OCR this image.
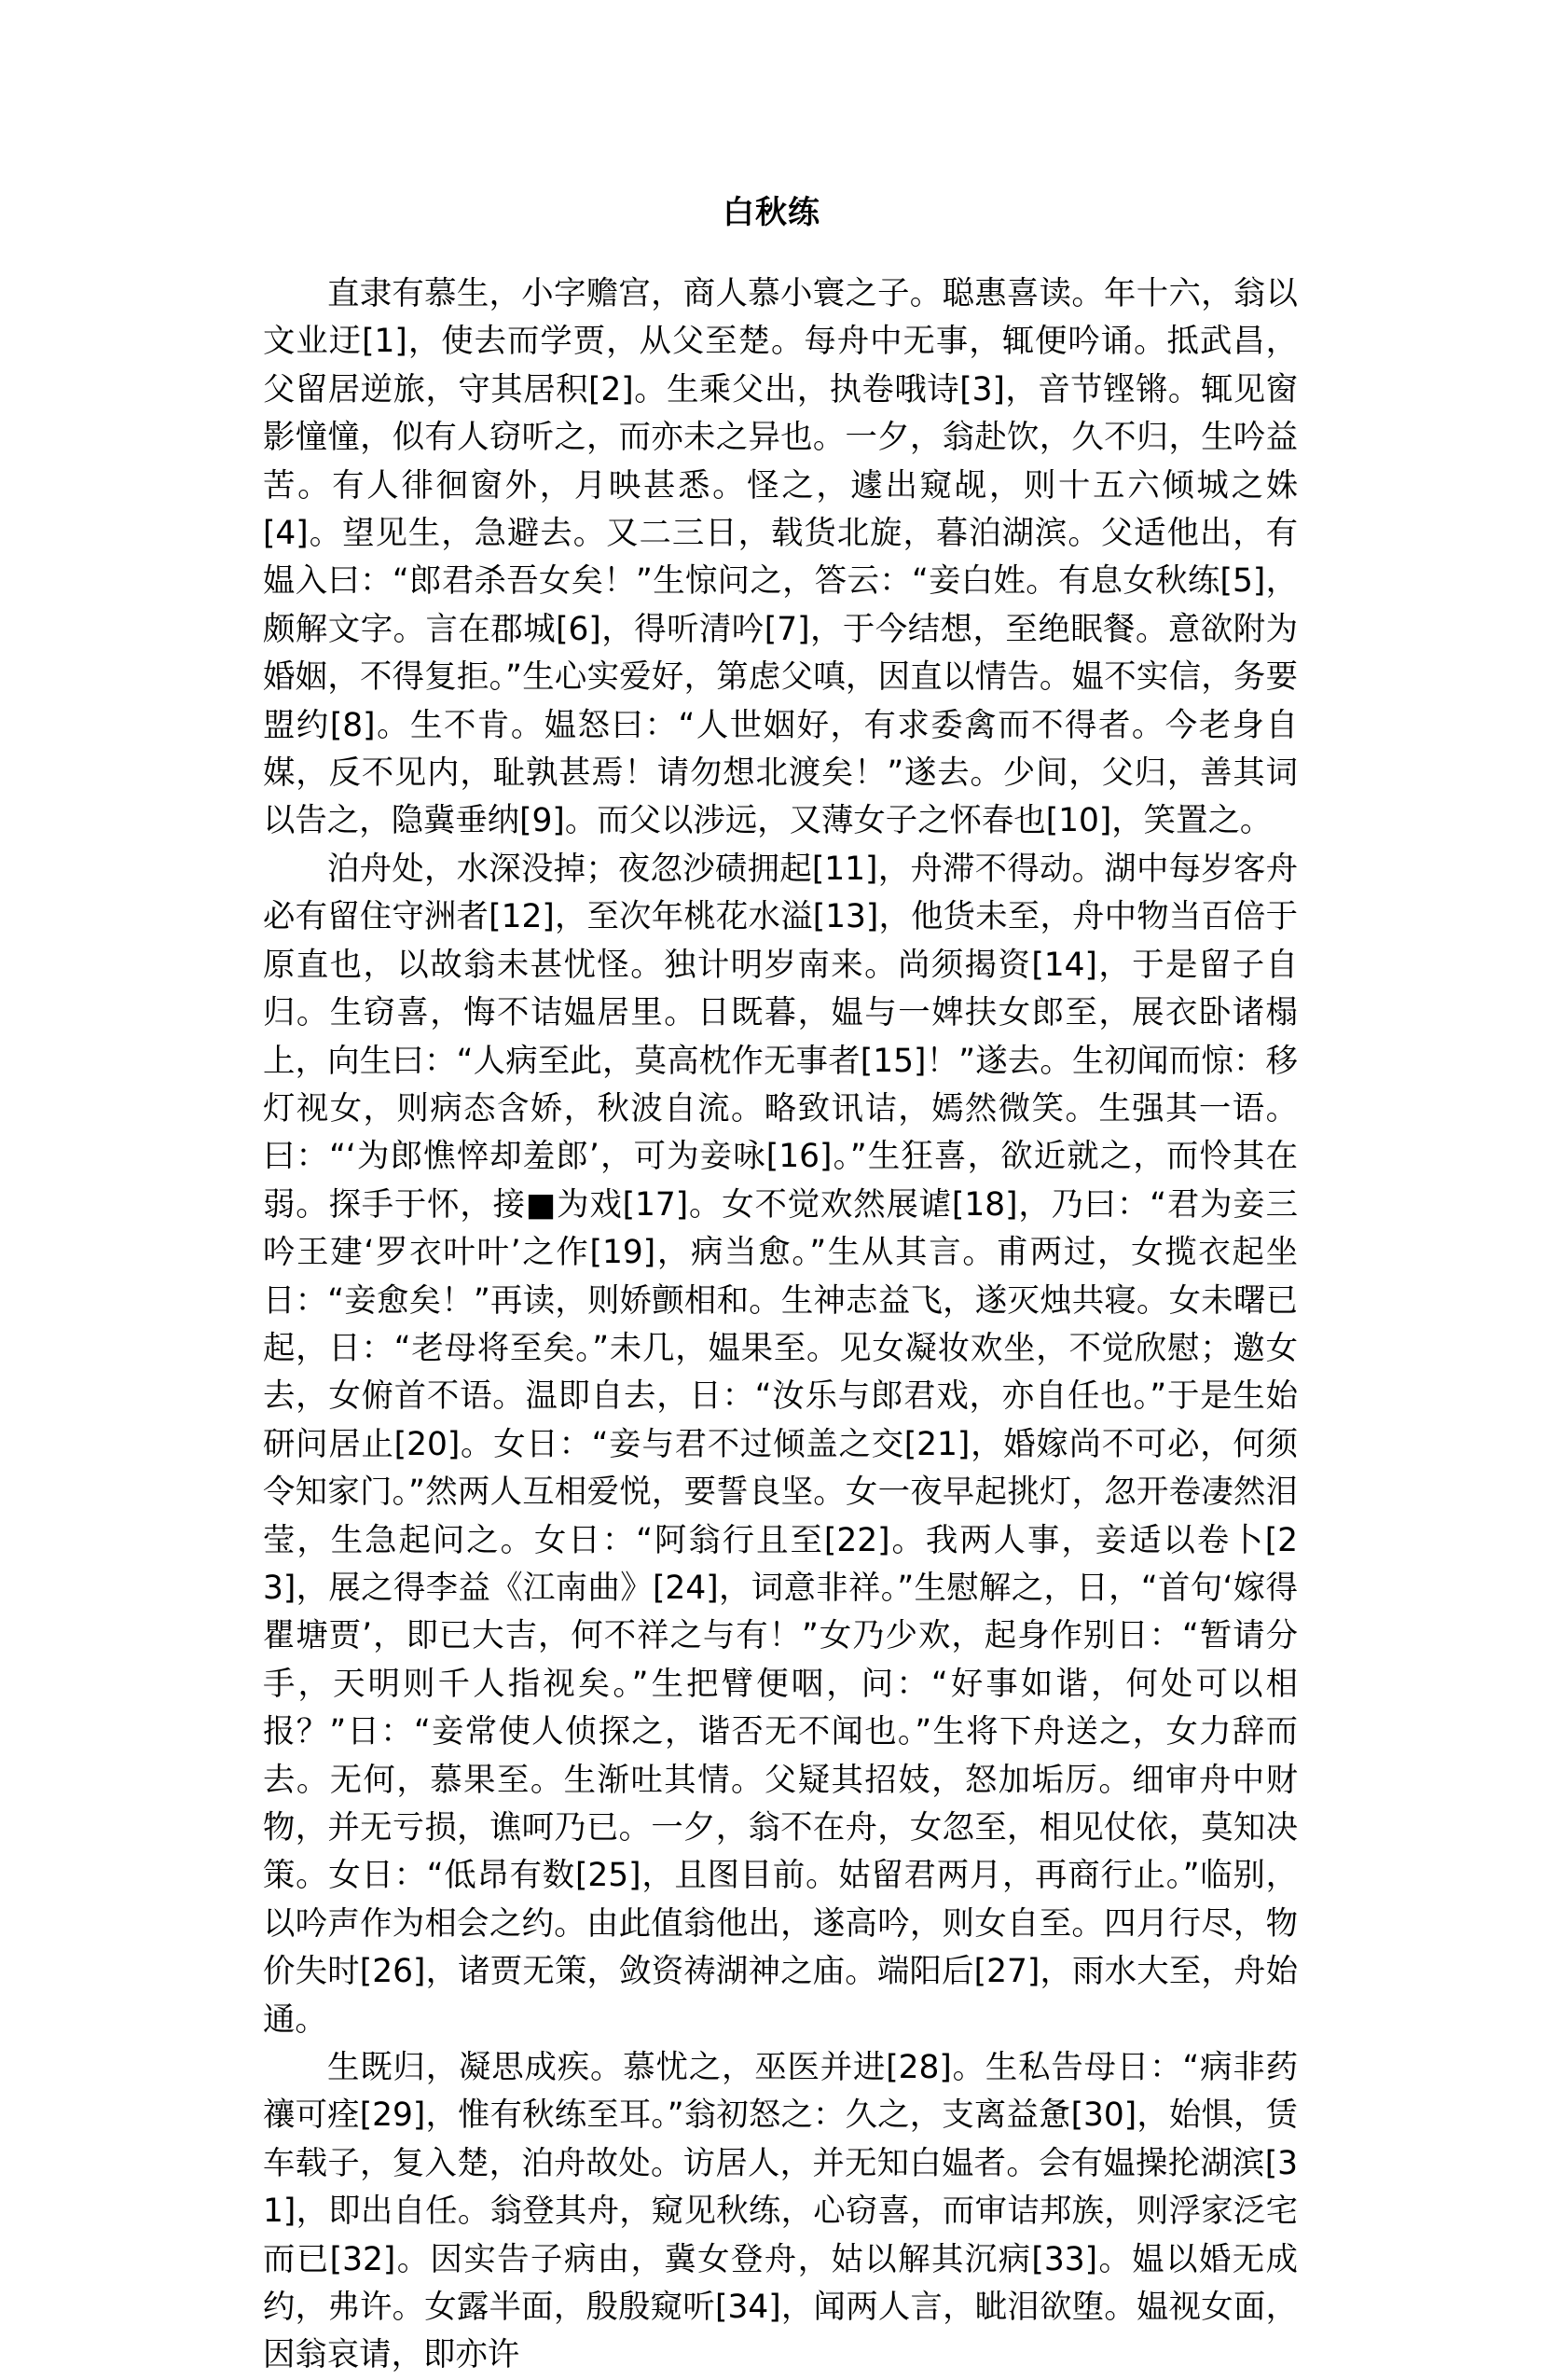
白秋练

直隶有慕生，小字赡宫，商人慕小寰之子。聪惠喜读。年十六，翁以文业迂[1]，使去而学贾，从父至楚。每舟中无事，辄便吟诵。抵武昌，父留居逆旅，守其居积[2]。生乘父出，执卷哦诗[3]，音节铿锵。辄见窗影憧憧，似有人窃听之，而亦未之异也。一夕，翁赴饮，久不归，生吟益苦。有人徘徊窗外，月映甚悉。怪之，遽出窥觇，则十五六倾城之姝[4]。望见生，急避去。又二三日，载货北旋，暮泊湖滨。父适他出，有媪入曰：“郎君杀吾女矣！”生惊问之，答云：“妾白姓。有息女秋练[5]，颇解文字。言在郡城[6]，得听清吟[7]，于今结想，至绝眠餐。意欲附为婚姻，不得复拒。”生心实爱好，第虑父嗔，因直以情告。媪不实信，务要盟约[8]。生不肯。媪怒曰：“人世姻好，有求委禽而不得者。今老身自媒，反不见内，耻孰甚焉！请勿想北渡矣！”遂去。少间，父归，善其词以告之，隐冀垂纳[9]。而父以涉远，又薄女子之怀春也[10]，笑置之。

泊舟处，水深没掉；夜忽沙碛拥起[11]，舟滞不得动。湖中每岁客舟必有留住守洲者[12]，至次年桃花水溢[13]，他货未至，舟中物当百倍于原直也，以故翁未甚忧怪。独计明岁南来。尚须揭资[14]，于是留子自归。生窃喜，悔不诘媪居里。日既暮，媪与一婢扶女郎至，展衣卧诸榻上，向生曰：“人病至此，莫高枕作无事者[15]！”遂去。生初闻而惊：移灯视女，则病态含娇，秋波自流。略致讯诘，嫣然微笑。生强其一语。曰：“‘为郎憔悴却羞郎’，可为妾咏[16]。”生狂喜，欲近就之，而怜其在弱。探手于怀，接■为戏[17]。女不觉欢然展谑[18]，乃曰：“君为妾三吟王建‘罗衣叶叶’之作[19]，病当愈。”生从其言。甫两过，女揽衣起坐日：“妾愈矣！”再读，则娇颤相和。生神志益飞，遂灭烛共寝。女未曙已起，日：“老母将至矣。”未几，媪果至。见女凝妆欢坐，不觉欣慰；邀女去，女俯首不语。温即自去，日：“汝乐与郎君戏，亦自任也。”于是生始研问居止[20]。女日：“妾与君不过倾盖之交[21]，婚嫁尚不可必，何须令知家门。”然两人互相爱悦，要誓良坚。女一夜早起挑灯，忽开卷凄然泪莹，生急起问之。女日：“阿翁行且至[22]。我两人事，妾适以卷卜[23]，展之得李益《江南曲》[24]，词意非祥。”生慰解之，日，“首句‘嫁得瞿塘贾’，即已大吉，何不祥之与有！”女乃少欢，起身作别日：“暂请分手，天明则千人指视矣。”生把臂便咽，问：“好事如谐，何处可以相报？”日：“妾常使人侦探之，谐否无不闻也。”生将下舟送之，女力辞而去。无何，慕果至。生渐吐其情。父疑其招妓，怒加垢厉。细审舟中财物，并无亏损，谯呵乃已。一夕，翁不在舟，女忽至，相见仗依，莫知决策。女日：“低昂有数[25]，且图目前。姑留君两月，再商行止。”临别，以吟声作为相会之约。由此值翁他出，遂高吟，则女自至。四月行尽，物价失时[26]，诸贾无策，敛资祷湖神之庙。端阳后[27]，雨水大至，舟始通。

生既归，凝思成疾。慕忧之，巫医并进[28]。生私告母日：“病非药禳可痊[29]，惟有秋练至耳。”翁初怒之：久之，支离益惫[30]，始惧，赁车载子，复入楚，泊舟故处。访居人，并无知白媪者。会有媪操抡湖滨[31]，即出自任。翁登其舟，窥见秋练，心窃喜，而审诘邦族，则浮家泛宅而已[32]。因实告子病由，冀女登舟，姑以解其沉病[33]。媪以婚无成约，弗许。女露半面，殷殷窥听[34]，闻两人言，眦泪欲堕。媪视女面，因翁哀请，即亦许
